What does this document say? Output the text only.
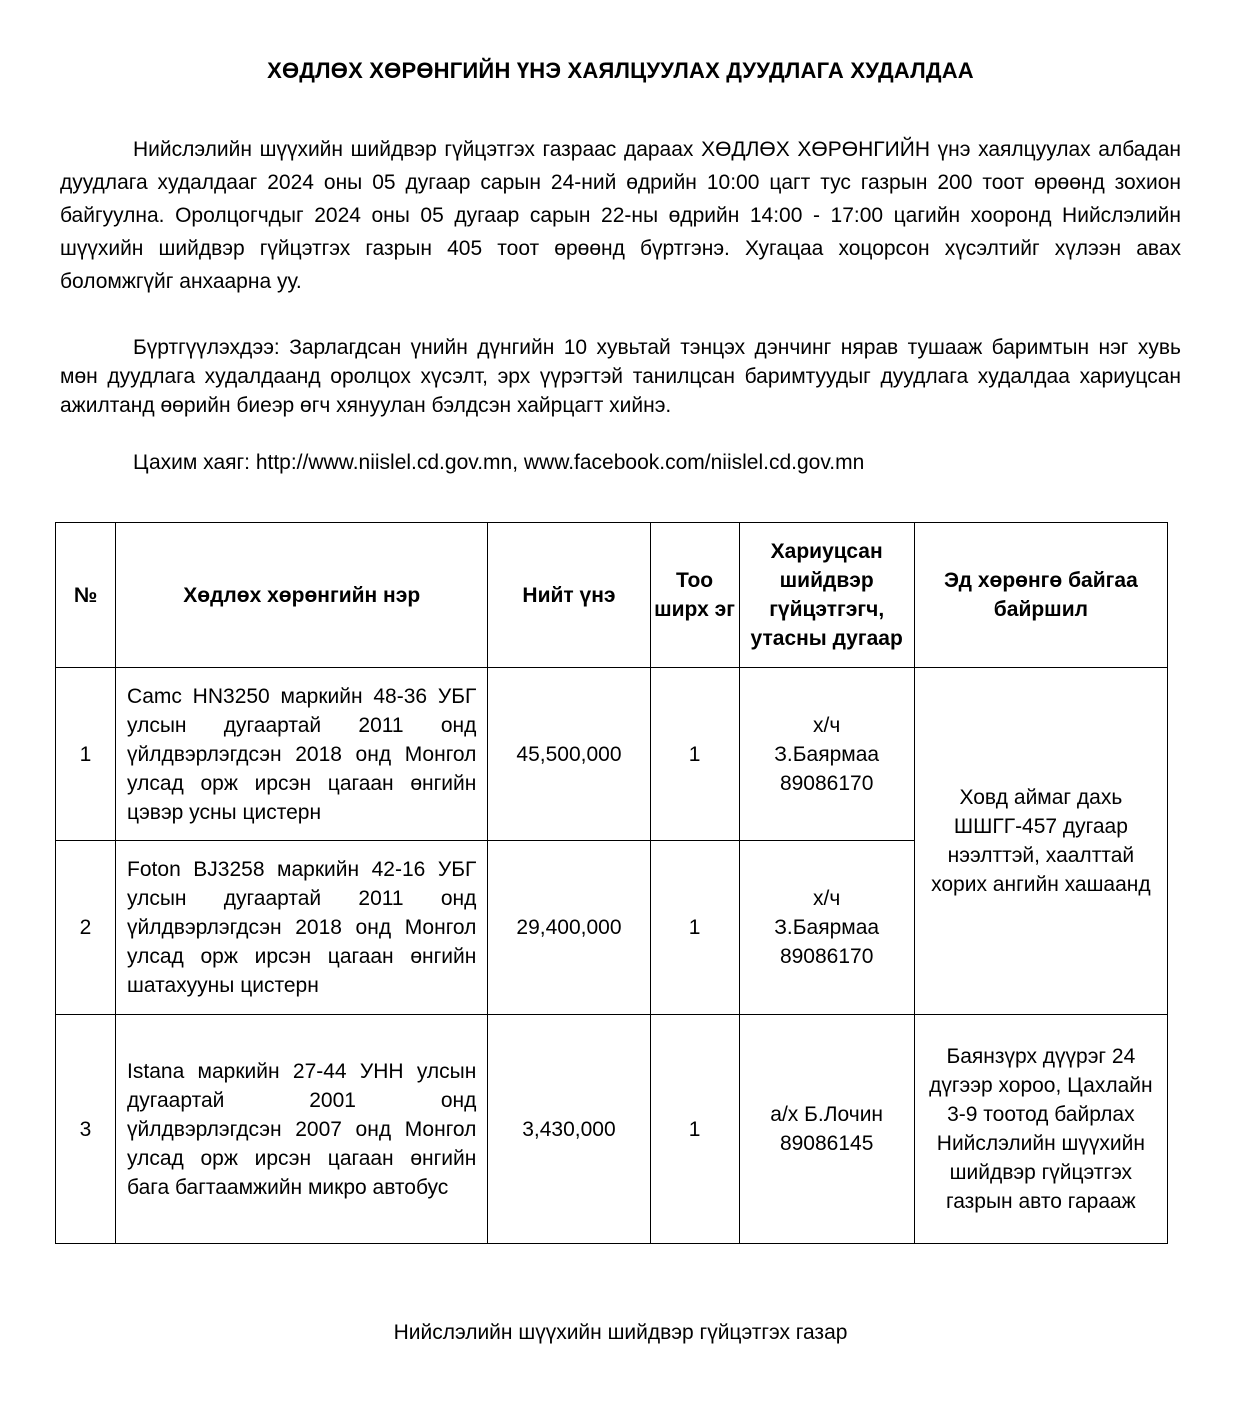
ХӨДЛӨХ ХӨРӨНГИЙН ҮНЭ ХАЯЛЦУУЛАХ ДУУДЛАГА ХУДАЛДАА
Нийслэлийн шүүхийн шийдвэр гүйцэтгэх газраас дараах ХӨДЛӨХ ХӨРӨНГИЙН үнэ хаялцуулах албадан дуудлага худалдааг 2024 оны 05 дугаар сарын 24-ний өдрийн 10:00 цагт тус газрын 200 тоот өрөөнд зохион байгуулна. Оролцогчдыг 2024 оны 05 дугаар сарын 22-ны өдрийн 14:00 - 17:00 цагийн хооронд Нийслэлийн шүүхийн шийдвэр гүйцэтгэх газрын 405 тоот өрөөнд бүртгэнэ. Хугацаа хоцорсон хүсэлтийг хүлээн авах боломжгүйг анхаарна уу.
Бүртгүүлэхдээ: Зарлагдсан үнийн дүнгийн 10 хувьтай тэнцэх дэнчинг нярав тушааж баримтын нэг хувь мөн дуудлага худалдаанд оролцох хүсэлт, эрх үүрэгтэй танилцсан баримтуудыг дуудлага худалдаа хариуцсан ажилтанд өөрийн биеэр өгч хянуулан бэлдсэн хайрцагт хийнэ.
Цахим хаяг: http://www.niislel.cd.gov.mn, www.facebook.com/niislel.cd.gov.mn
№	Хөдлөх хөрөнгийн нэр	Нийт үнэ	Тоо ширх эг	Хариуцсан шийдвэр гүйцэтгэгч, утасны дугаар	Эд хөрөнгө байгаа байршил
1	Camc HN3250 маркийн 48-36 УБГ улсын дугаартай 2011 онд үйлдвэрлэгдсэн 2018 онд Монгол улсад орж ирсэн цагаан өнгийн цэвэр усны цистерн	45,500,000	1	х/ч
З.Баярмаа
89086170	Ховд аймаг дахь ШШГГ-457 дугаар нээлттэй, хаалттай хорих ангийн хашаанд

2	Foton BJ3258 маркийн 42-16 УБГ улсын дугаартай 2011 онд үйлдвэрлэгдсэн 2018 онд Монгол улсад орж ирсэн цагаан өнгийн шатахууны цистерн	29,400,000	1	х/ч
З.Баярмаа
89086170	

3	Istana маркийн 27-44 УНН улсын дугаартай 2001 онд үйлдвэрлэгдсэн 2007 онд Монгол улсад орж ирсэн цагаан өнгийн бага багтаамжийн микро автобус	3,430,000	1	а/х Б.Лочин
89086145	Баянзүрх дүүрэг 24 дүгээр хороо, Цахлайн 3-9 тоотод байрлах Нийслэлийн шүүхийн шийдвэр гүйцэтгэх газрын авто гараaж
Нийслэлийн шүүхийн шийдвэр гүйцэтгэх газар
